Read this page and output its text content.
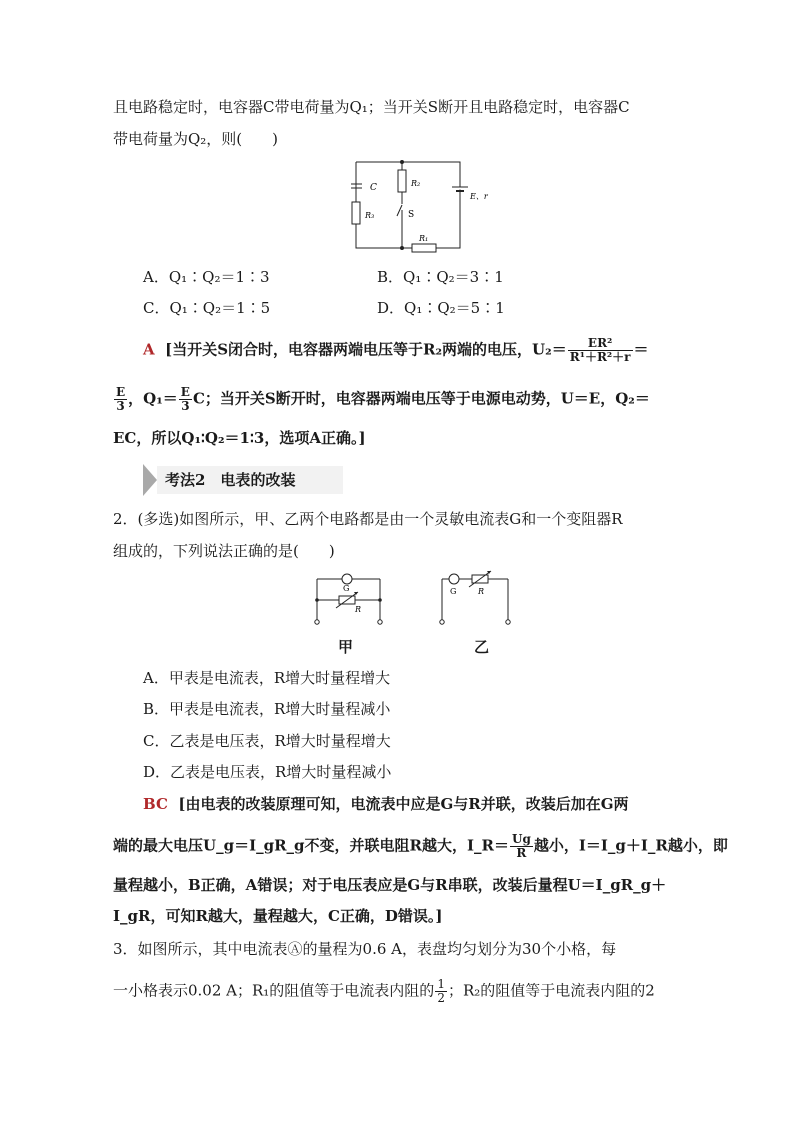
且电路稳定时，电容器C带电荷量为Q₁；当开关S断开且电路稳定时，电容器C
带电荷量为Q₂，则(　　)
C	R₂
E、r
R₃	S
R₁
A．Q₁∶Q₂＝1∶3	B．Q₁∶Q₂＝3∶1
C．Q₁∶Q₂＝1∶5	D．Q₁∶Q₂＝5∶1
A [当开关S闭合时，电容器两端电压等于R₂两端的电压，$U_2= \frac{\text{ER²}}{\text{R¹＋R²＋r}}$ ＝
$\frac{E}{3}$ ，$Q_1= \frac{E}{3}$ C；当开关S断开时，电容器两端电压等于电源电动势，U＝E，Q₂＝
EC，所以Q₁∶Q₂＝1∶3，选项A正确。]
考法2　电表的改装
2．(多选)如图所示，甲、乙两个电路都是由一个灵敏电流表G和一个变阻器R
组成的，下列说法正确的是(　　)
G
R
G	R
甲	乙
A．甲表是电流表，R增大时量程增大
B．甲表是电流表，R增大时量程减小
C．乙表是电压表，R增大时量程增大
D．乙表是电压表，R增大时量程减小
BC [由电表的改装原理可知，电流表中应是G与R并联，改装后加在G两
端的最大电压U_g＝I_gR_g不变，并联电阻R越大，I_R＝ $\frac{Ug}{R}$ 越小，I＝I_g＋I_R越小，即
量程越小，B正确，A错误；对于电压表应是G与R串联，改装后量程U＝I_gR_g＋
I_gR，可知R越大，量程越大，C正确，D错误。]
3．如图所示，其中电流表Ⓐ的量程为0.6 A，表盘均匀划分为30个小格，每
一小格表示0.02 A；R₁的阻值等于电流表内阻的 $\frac{1}{2}$ ；R₂的阻值等于电流表内阻的2
